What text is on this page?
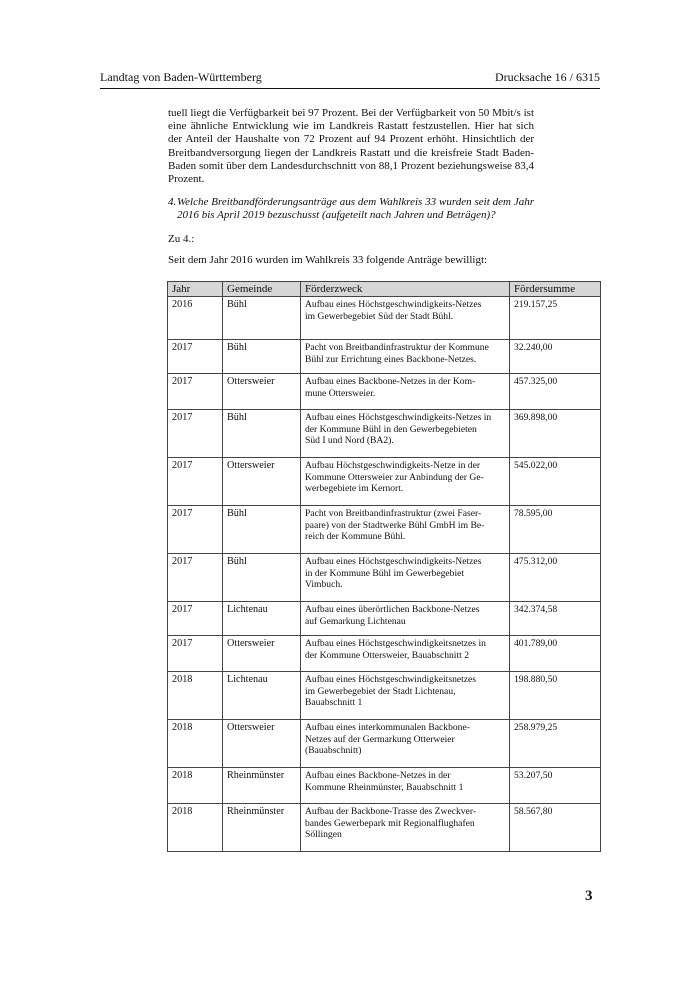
Landtag von Baden-Württemberg	Drucksache 16 / 6315
tuell liegt die Verfügbarkeit bei 97 Prozent. Bei der Verfügbarkeit von 50 Mbit/s ist eine ähnliche Entwicklung wie im Landkreis Rastatt festzustellen. Hier hat sich der Anteil der Haushalte von 72 Prozent auf 94 Prozent erhöht. Hinsichtlich der Breitbandversorgung liegen der Landkreis Rastatt und die kreisfreie Stadt Baden-Baden somit über dem Landesdurchschnitt von 88,1 Prozent beziehungsweise 83,4 Prozent.
4. Welche Breitbandförderungsanträge aus dem Wahlkreis 33 wurden seit dem Jahr 2016 bis April 2019 bezuschusst (aufgeteilt nach Jahren und Beträgen)?
Zu 4.:
Seit dem Jahr 2016 wurden im Wahlkreis 33 folgende Anträge bewilligt:
Jahr	Gemeinde	Förderzweck	Fördersumme
2016	Bühl	Aufbau eines Höchstgeschwindigkeits-Netzes
im Gewerbegebiet Süd der Stadt Bühl.	219.157,25
2017	Bühl	Pacht von Breitbandinfrastruktur der Kommune
Bühl zur Errichtung eines Backbone-Netzes.	32.240,00
2017	Ottersweier	Aufbau eines Backbone-Netzes in der Kom-
mune Ottersweier.	457.325,00
2017	Bühl	Aufbau eines Höchstgeschwindigkeits-Netzes in
der Kommune Bühl in den Gewerbegebieten
Süd I und Nord (BA2).	369.898,00
2017	Ottersweier	Aufbau Höchstgeschwindigkeits-Netze in der
Kommune Ottersweier zur Anbindung der Ge-
werbegebiete im Kernort.	545.022,00
2017	Bühl	Pacht von Breitbandinfrastruktur (zwei Faser-
paare) von der Stadtwerke Bühl GmbH im Be-
reich der Kommune Bühl.	78.595,00
2017	Bühl	Aufbau eines Höchstgeschwindigkeits-Netzes
in der Kommune Bühl im Gewerbegebiet
Vimbuch.	475.312,00
2017	Lichtenau	Aufbau eines überörtlichen Backbone-Netzes
auf Gemarkung Lichtenau	342.374,58
2017	Ottersweier	Aufbau eines Höchstgeschwindigkeitsnetzes in
der Kommune Ottersweier, Bauabschnitt 2	401.789,00
2018	Lichtenau	Aufbau eines Höchstgeschwindigkeitsnetzes
im Gewerbegebiet der Stadt Lichtenau,
Bauabschnitt 1	198.880,50
2018	Ottersweier	Aufbau eines interkommunalen Backbone-
Netzes auf der Germarkung Otterweier
(Bauabschnitt)	258.979,25
2018	Rheinmünster	Aufbau eines Backbone-Netzes in der
Kommune Rheinmünster, Bauabschnitt 1	53.207,50
2018	Rheinmünster	Aufbau der Backbone-Trasse des Zweckver-
bandes Gewerbepark mit Regionalflughafen
Söllingen	58.567,80
3
